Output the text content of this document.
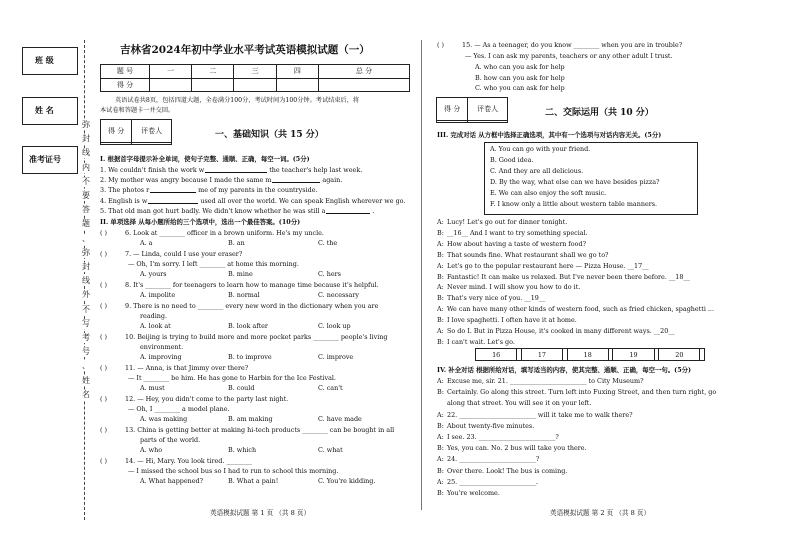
班 级
姓 名
准考证号
弥
封
线
内
不
要
答
题
、
弥
封
线
外
不
写
考
号
、
姓
名
吉林省2024年初中学业水平考试英语模拟试题（一）
题 号	一	二	三	四	总 分
得 分					
英语试卷共8页，包括四道大题，全卷满分100分，考试时间为100分钟。考试结束后，将
本试卷和答题卡一并交回。
得 分	评卷人
		一、基础知识（共 15 分）
I. 根据首字母提示补全单词，使句子完整、通顺、正确，每空一词。(5分)
1. We couldn't finish the work w	the teacher's help last week.
2. My mother was angry because I made the same m	again.
3. The photos r	me of my parents in the countryside.
4. English is w	used all over the world. We can speak English wherever we go.
5. That old man got hurt badly. We didn't know whether he was still a	.
II. 单项选择 从每小题所给的三个选项中，选出一个最佳答案。(10分)
( )	6. Look at ________ officer in a brown uniform. He's my uncle.
A. a	B. an	C. the
( )	7. — Linda, could I use your eraser?
— Oh, I'm sorry. I left ________ at home this morning.
A. yours	B. mine	C. hers
( )	8. It's ________ for teenagers to learn how to manage time because it's helpful.
A. impolite	B. normal	C. necessary
( )	9. There is no need to ________ every new word in the dictionary when you are
reading.
A. look at	B. look after	C. look up
( )	10. Beijing is trying to build more and more pocket parks ________ people's living
environment.
A. improving	B. to improve	C. improve
( )	11. — Anna, is that Jimmy over there?
— It ________ be him. He has gone to Harbin for the Ice Festival.
A. must	B. could	C. can't
( )	12. — Hey, you didn't come to the party last night.
— Oh, I ________ a model plane.
A. was making	B. am making	C. have made
( )	13. China is getting better at making hi-tech products ________ can be bought in all
parts of the world.
A. who	B. which	C. what
( )	14. — Hi, Mary. You look tired. ________
— I missed the school bus so I had to run to school this morning.
A. What happened?	B. What a pain!	C. You're kidding.
( )	15. — As a teenager, do you know ________ when you are in trouble?
— Yes. I can ask my parents, teachers or any other adult I trust.
A. who can you ask for help
B. how can you ask for help
C. who you can ask for help
得 分	评卷人
		二、交际运用（共 10 分）
III. 完成对话 从方框中选择正确选项，其中有一个选项与对话内容无关。(5分)
A. You can go with your friend.
B. Good idea.
C. And they are all delicious.
D. By the way, what else can we have besides pizza?
E. We can also enjoy the soft music.
F. I know only a little about western table manners.
A: Lucy! Let's go out for dinner tonight.
B: __16__ And I want to try something special.
A: How about having a taste of western food?
B: That sounds fine. What restaurant shall we go to?
A: Let's go to the popular restaurant here — Pizza House. __17__
B: Fantastic! It can make us relaxed. But I've never been there before. __18__
A: Never mind. I will show you how to do it.
B: That's very nice of you. __19__
A: We can have many other kinds of western food, such as fried chicken, spaghetti ...
B: I love spaghetti. I often have it at home.
A: So do I. But in Pizza House, it's cooked in many different ways. __20__
B: I can't wait. Let's go.
16		17		18		19		20	
IV. 补全对话 根据所给对话，填写适当的内容，使其完整、通顺、正确，每空一句。(5分)
A: Excuse me, sir. 21. ________________________ to City Museum?
B: Certainly. Go along this street. Turn left into Fuxing Street, and then turn right, go
along that street. You will see it on your left.
A: 22. ________________________ will it take me to walk there?
B: About twenty-five minutes.
A: I see. 23. ________________________?
B: Yes, you can. No. 2 bus will take you there.
A: 24. ________________________?
B: Over there. Look! The bus is coming.
A: 25. ________________________.
B: You're welcome.
英语模拟试题 第 1 页 （共 8 页）	英语模拟试题 第 2 页 （共 8 页）
